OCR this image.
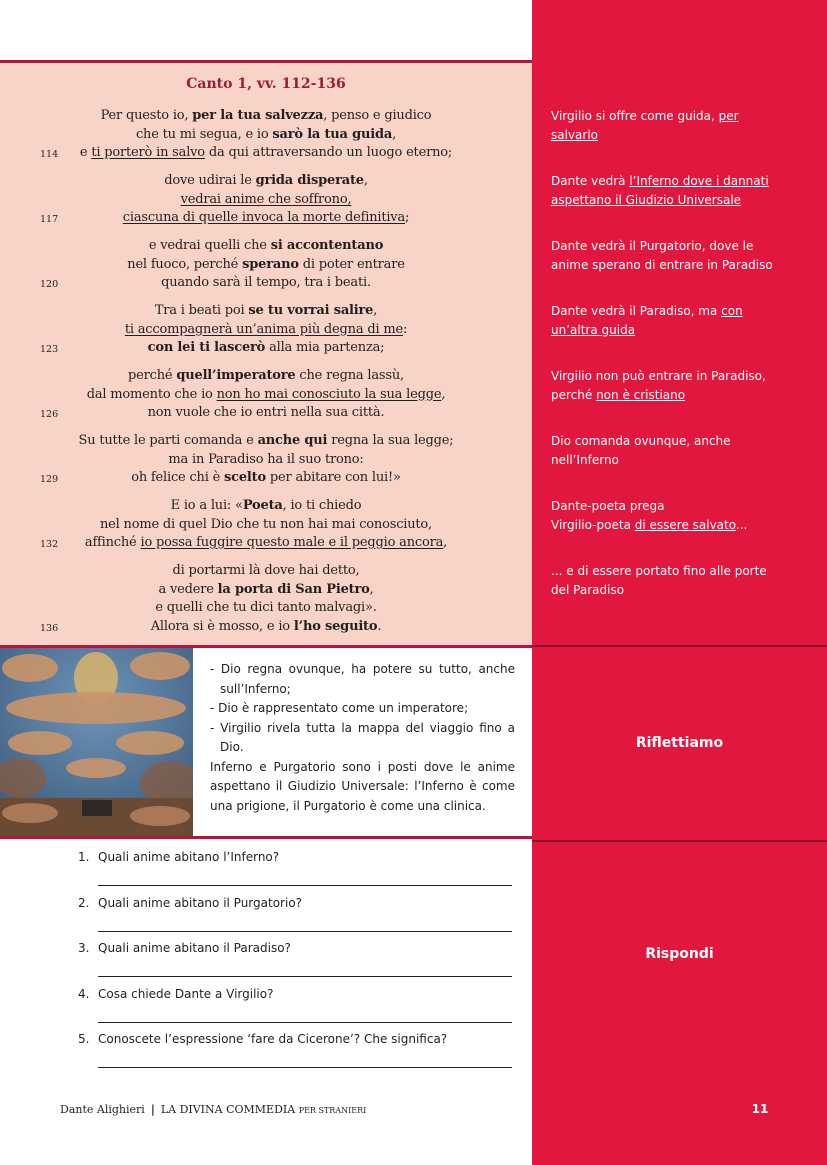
Canto 1, vv. 112-136
Per questo io, per la tua salvezza, penso e giudico
che tu mi segua, e io sarò la tua guida,
e ti porterò in salvo da qui attraversando un luogo eterno;
114
dove udirai le grida disperate,
vedrai anime che soffrono,
ciascuna di quelle invoca la morte definitiva;
117
e vedrai quelli che si accontentano
nel fuoco, perché sperano di poter entrare
quando sarà il tempo, tra i beati.
120
Tra i beati poi se tu vorrai salire,
ti accompagnerà un’anima più degna di me:
con lei ti lascerò alla mia partenza;
123
perché quell’imperatore che regna lassù,
dal momento che io non ho mai conosciuto la sua legge,
non vuole che io entri nella sua città.
126
Su tutte le parti comanda e anche qui regna la sua legge;
ma in Paradiso ha il suo trono:
oh felice chi è scelto per abitare con lui!»
129
E io a lui: «Poeta, io ti chiedo
nel nome di quel Dio che tu non hai mai conosciuto,
affinché io possa fuggire questo male e il peggio ancora,
132
di portarmi là dove hai detto,
a vedere la porta di San Pietro,
e quelli che tu dici tanto malvagi».
Allora si è mosso, e io l’ho seguito.
136
Virgilio si offre come guida, per
salvarlo
Dante vedrà l’Inferno dove i dannati
aspettano il Giudizio Universale
Dante vedrà il Purgatorio, dove le
anime sperano di entrare in Paradiso
Dante vedrà il Paradiso, ma con
un’altra guida
Virgilio non può entrare in Paradiso,
perché non è cristiano
Dio comanda ovunque, anche
nell’Inferno
Dante-poeta prega
Virgilio-poeta di essere salvato...
... e di essere portato fino alle porte
del Paradiso
- Dio regna ovunque, ha potere su tutto, anche sull’Inferno;
- Dio è rappresentato come un imperatore;
- Virgilio rivela tutta la mappa del viaggio fino a Dio.
Inferno e Purgatorio sono i posti dove le anime aspettano il Giudizio Universale: l’Inferno è come una prigione, il Purgatorio è come una clinica.
Riflettiamo
1. Quali anime abitano l’Inferno?
2. Quali anime abitano il Purgatorio?
3. Quali anime abitano il Paradiso?
4. Cosa chiede Dante a Virgilio?
5. Conoscete l’espressione ‘fare da Cicerone’? Che significa?
Rispondi
Dante Alighieri | LA DIVINA COMMEDIA PER STRANIERI	11
